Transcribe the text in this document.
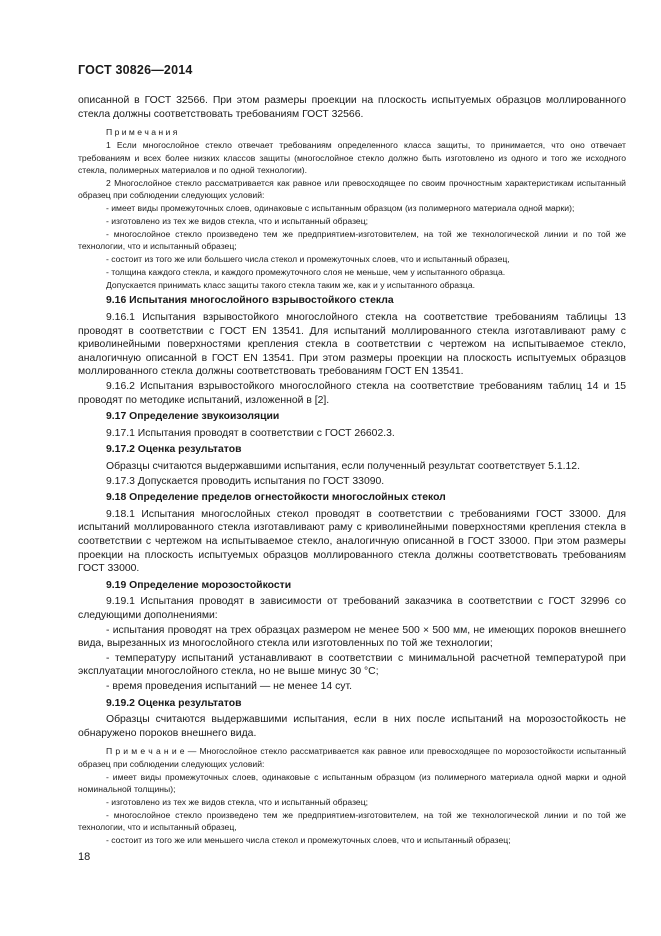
ГОСТ 30826—2014
описанной в ГОСТ 32566. При этом размеры проекции на плоскость испытуемых образцов моллированного стекла должны соответствовать требованиям ГОСТ 32566.
П р и м е ч а н и я
1 Если многослойное стекло отвечает требованиям определенного класса защиты, то принимается, что оно отвечает требованиям и всех более низких классов защиты (многослойное стекло должно быть изготовлено из одного и того же исходного стекла, полимерных материалов и по одной технологии).
2 Многослойное стекло рассматривается как равное или превосходящее по своим прочностным характеристикам испытанный образец при соблюдении следующих условий:
- имеет виды промежуточных слоев, одинаковые с испытанным образцом (из полимерного материала одной марки);
- изготовлено из тех же видов стекла, что и испытанный образец;
- многослойное стекло произведено тем же предприятием-изготовителем, на той же технологической линии и по той же технологии, что и испытанный образец;
- состоит из того же или большего числа стекол и промежуточных слоев, что и испытанный образец,
- толщина каждого стекла, и каждого промежуточного слоя не меньше, чем у испытанного образца.
Допускается принимать класс защиты такого стекла таким же, как и у испытанного образца.
9.16 Испытания многослойного взрывостойкого стекла
9.16.1 Испытания взрывостойкого многослойного стекла на соответствие требованиям таблицы 13 проводят в соответствии с ГОСТ EN 13541. Для испытаний моллированного стекла изготавливают раму с криволинейными поверхностями крепления стекла в соответствии с чертежом на испытываемое стекло, аналогичную описанной в ГОСТ EN 13541. При этом размеры проекции на плоскость испытуемых образцов моллированного стекла должны соответствовать требованиям ГОСТ EN 13541.
9.16.2 Испытания взрывостойкого многослойного стекла на соответствие требованиям таблиц 14 и 15 проводят по методике испытаний, изложенной в [2].
9.17 Определение звукоизоляции
9.17.1 Испытания проводят в соответствии с ГОСТ 26602.3.
9.17.2 Оценка результатов
Образцы считаются выдержавшими испытания, если полученный результат соответствует 5.1.12.
9.17.3 Допускается проводить испытания по ГОСТ 33090.
9.18 Определение пределов огнестойкости многослойных стекол
9.18.1 Испытания многослойных стекол проводят в соответствии с требованиями ГОСТ 33000. Для испытаний моллированного стекла изготавливают раму с криволинейными поверхностями крепления стекла в соответствии с чертежом на испытываемое стекло, аналогичную описанной в ГОСТ 33000. При этом размеры проекции на плоскость испытуемых образцов моллированного стекла должны соответствовать требованиям ГОСТ 33000.
9.19 Определение морозостойкости
9.19.1 Испытания проводят в зависимости от требований заказчика в соответствии с ГОСТ 32996 со следующими дополнениями:
- испытания проводят на трех образцах размером не менее 500 × 500 мм, не имеющих пороков внешнего вида, вырезанных из многослойного стекла или изготовленных по той же технологии;
- температуру испытаний устанавливают в соответствии с минимальной расчетной температурой при эксплуатации многослойного стекла, но не выше минус 30 °С;
- время проведения испытаний — не менее 14 сут.
9.19.2 Оценка результатов
Образцы считаются выдержавшими испытания, если в них после испытаний на морозостойкость не обнаружено пороков внешнего вида.
П р и м е ч а н и е — Многослойное стекло рассматривается как равное или превосходящее по морозостойкости испытанный образец при соблюдении следующих условий:
- имеет виды промежуточных слоев, одинаковые с испытанным образцом (из полимерного материала одной марки и одной номинальной толщины);
- изготовлено из тех же видов стекла, что и испытанный образец;
- многослойное стекло произведено тем же предприятием-изготовителем, на той же технологической линии и по той же технологии, что и испытанный образец,
- состоит из того же или меньшего числа стекол и промежуточных слоев, что и испытанный образец;
18
